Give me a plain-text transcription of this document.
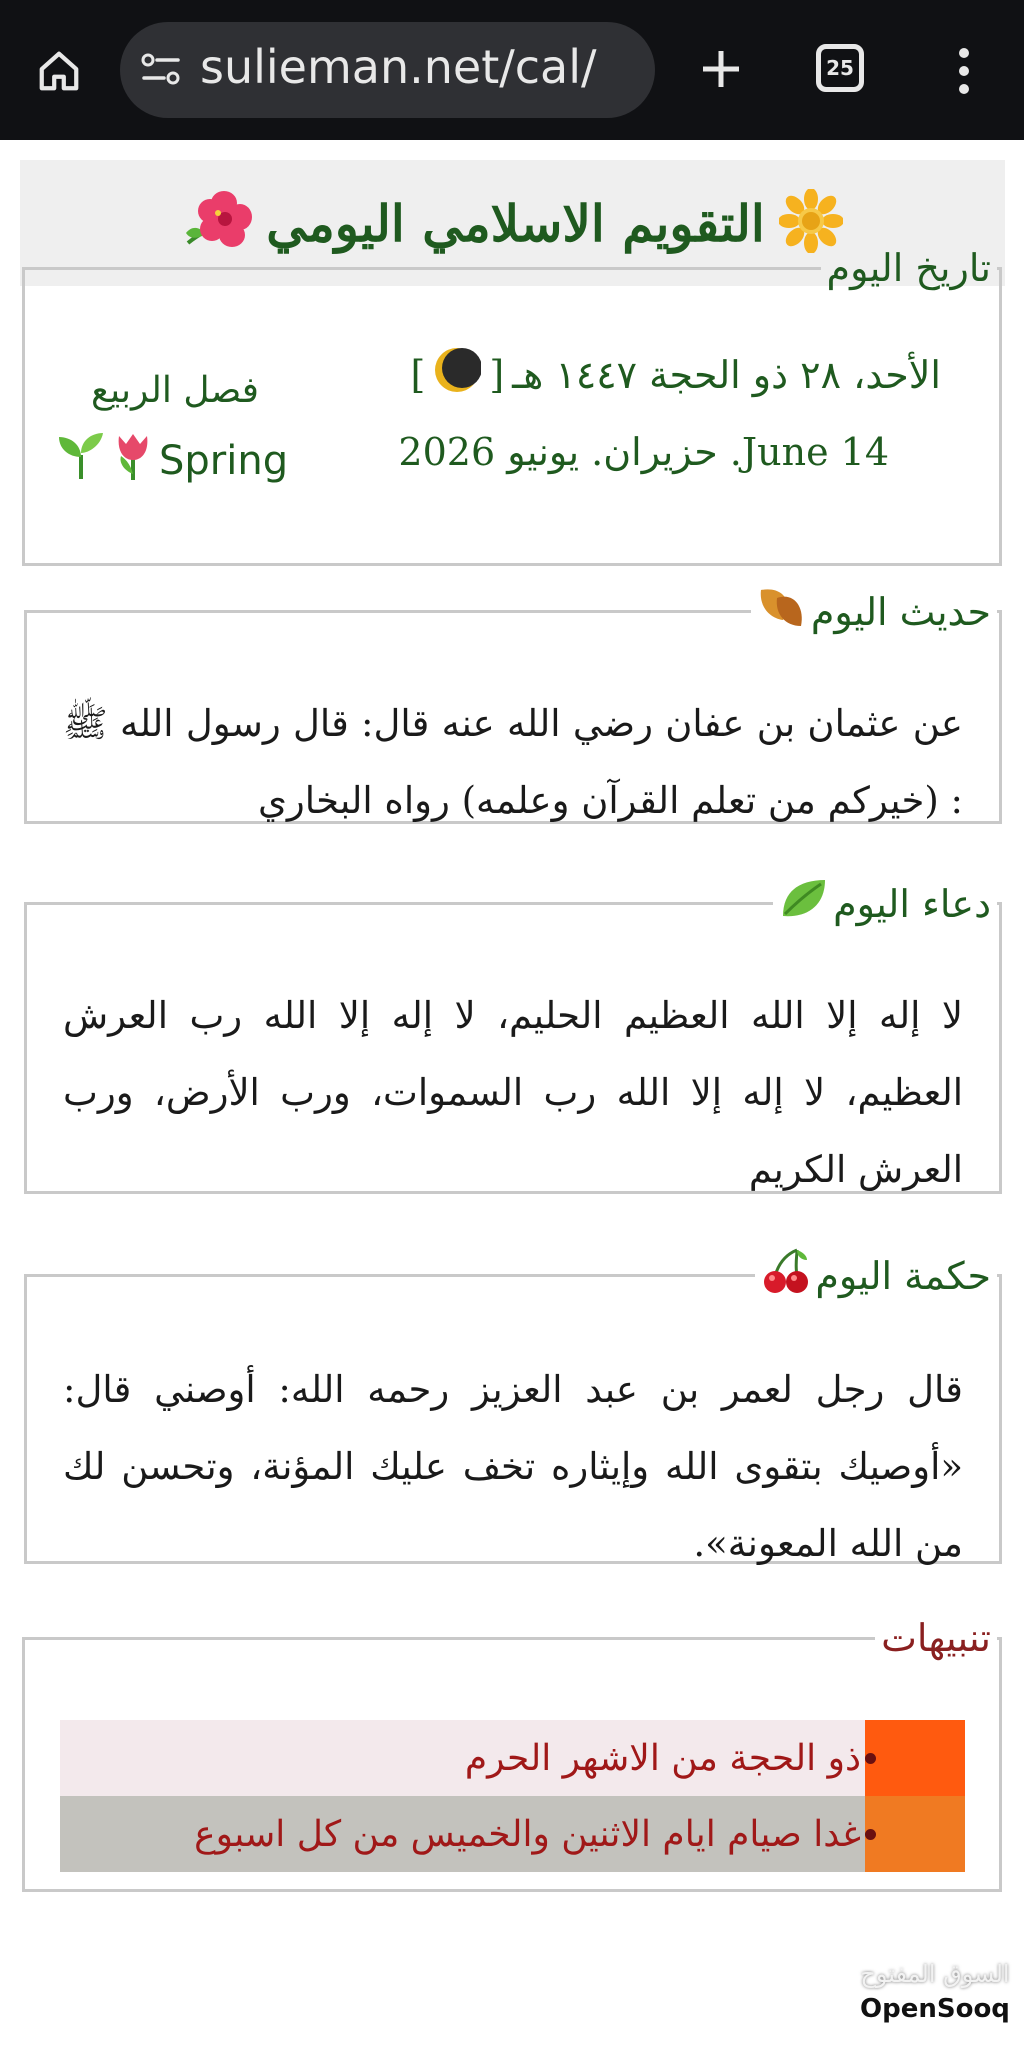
sulieman.net/cal/	25
التقويم الاسلامي اليومي
تاريخ اليوم
الأحد، ٢٨ ذو الحجة ١٤٤٧ هـ
[
]
June 14. حزيران. يونيو 2026
فصل الربيع
Spring
حديث اليوم
عن عثمان بن عفان رضي الله عنه قال: قال رسول الله ﷺ : (خيركم من تعلم القرآن وعلمه) رواه البخاري
دعاء اليوم
لا إله إلا الله العظيم الحليم، لا إله إلا الله رب العرش العظيم، لا إله إلا الله رب السموات، ورب الأرض، ورب العرش الكريم
حكمة اليوم
قال رجل لعمر بن عبد العزيز رحمه الله: أوصني قال: «أوصيك بتقوى الله وإيثاره تخف عليك المؤنة، وتحسن لك من الله المعونة».
تنبيهات
ذو الحجة من الاشهر الحرم
غدا صيام ايام الاثنين والخميس من كل اسبوع
السوق المفتوح
OpenSooq
